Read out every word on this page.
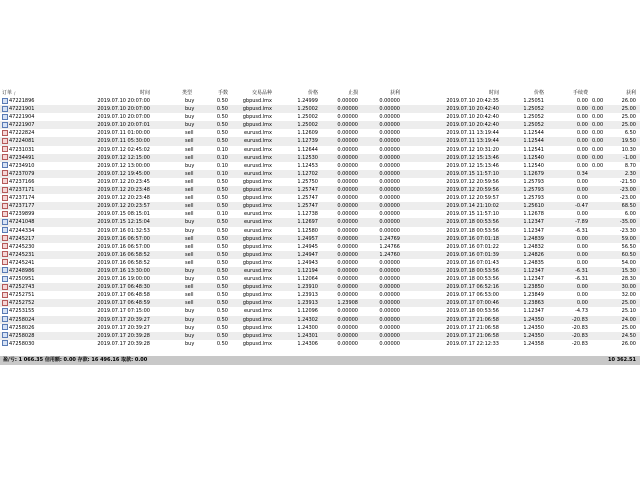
订单 /	时间	类型	手数	交易品种	价格	止损	获利	时间	价格	手续费	获利
47221896	2019.07.10 20:07:00	buy	0.50	gbpusd.lmx	1.24999	0.00000	0.00000	2019.07.10 20:42:35	1.25051	0.00 0.00	26.00
47221901	2019.07.10 20:07:00	buy	0.50	gbpusd.lmx	1.25002	0.00000	0.00000	2019.07.10 20:42:40	1.25052	0.00 0.00	25.00
47221904	2019.07.10 20:07:00	buy	0.50	gbpusd.lmx	1.25002	0.00000	0.00000	2019.07.10 20:42:40	1.25052	0.00 0.00	25.00
47221907	2019.07.10 20:07:01	buy	0.50	gbpusd.lmx	1.25002	0.00000	0.00000	2019.07.10 20:42:40	1.25052	0.00 0.00	25.00
47222824	2019.07.11 01:00:00	sell	0.50	eurusd.lmx	1.12609	0.00000	0.00000	2019.07.11 13:19:44	1.12544	0.00 0.00	6.50
47224081	2019.07.11 05:30:00	sell	0.50	eurusd.lmx	1.12739	0.00000	0.00000	2019.07.11 13:19:44	1.12544	0.00 0.00	19.50
47231031	2019.07.12 02:45:02	sell	0.10	eurusd.lmx	1.12644	0.00000	0.00000	2019.07.12 10:31:20	1.12541	0.00 0.00	10.30
47234491	2019.07.12 12:15:00	sell	0.10	eurusd.lmx	1.12530	0.00000	0.00000	2019.07.12 15:13:46	1.12540	0.00 0.00	-1.00
47234910	2019.07.12 13:00:00	buy	0.10	eurusd.lmx	1.12453	0.00000	0.00000	2019.07.12 15:13:46	1.12540	0.00 0.00	8.70
47237079	2019.07.12 19:45:00	sell	0.10	eurusd.lmx	1.12702	0.00000	0.00000	2019.07.15 11:57:10	1.12679	0.34	2.30
47237166	2019.07.12 20:23:45	sell	0.50	gbpusd.lmx	1.25750	0.00000	0.00000	2019.07.12 20:59:56	1.25793	0.00	-21.50
47237171	2019.07.12 20:23:48	sell	0.50	gbpusd.lmx	1.25747	0.00000	0.00000	2019.07.12 20:59:56	1.25793	0.00	-23.00
47237174	2019.07.12 20:23:48	sell	0.50	gbpusd.lmx	1.25747	0.00000	0.00000	2019.07.12 20:59:57	1.25793	0.00	-23.00
47237177	2019.07.12 20:23:57	sell	0.50	gbpusd.lmx	1.25747	0.00000	0.00000	2019.07.14 21:10:02	1.25610	-0.47	68.50
47239899	2019.07.15 08:15:01	sell	0.10	eurusd.lmx	1.12738	0.00000	0.00000	2019.07.15 11:57:10	1.12678	0.00	6.00
47241048	2019.07.15 12:15:04	buy	0.50	eurusd.lmx	1.12697	0.00000	0.00000	2019.07.18 00:53:56	1.12347	-7.89	-35.00
47244334	2019.07.16 01:32:53	buy	0.50	eurusd.lmx	1.12580	0.00000	0.00000	2019.07.18 00:53:56	1.12347	-6.31	-23.30
47245217	2019.07.16 06:57:00	sell	0.50	gbpusd.lmx	1.24957	0.00000	1.24769	2019.07.16 07:01:18	1.24839	0.00	59.00
47245230	2019.07.16 06:57:00	sell	0.50	gbpusd.lmx	1.24945	0.00000	1.24766	2019.07.16 07:01:22	1.24832	0.00	56.50
47245231	2019.07.16 06:58:52	sell	0.50	gbpusd.lmx	1.24947	0.00000	1.24760	2019.07.16 07:01:39	1.24826	0.00	60.50
47245241	2019.07.16 06:58:52	sell	0.50	gbpusd.lmx	1.24943	0.00000	0.00000	2019.07.16 07:01:43	1.24835	0.00	54.00
47248986	2019.07.16 13:30:00	buy	0.50	eurusd.lmx	1.12194	0.00000	0.00000	2019.07.18 00:53:56	1.12347	-6.31	15.30
47250951	2019.07.16 19:00:00	buy	0.50	eurusd.lmx	1.12064	0.00000	0.00000	2019.07.18 00:53:56	1.12347	-6.31	28.30
47252743	2019.07.17 06:48:30	sell	0.50	gbpusd.lmx	1.23910	0.00000	0.00000	2019.07.17 06:52:16	1.23850	0.00	30.00
47252751	2019.07.17 06:48:58	sell	0.50	gbpusd.lmx	1.23913	0.00000	0.00000	2019.07.17 06:53:00	1.23849	0.00	32.00
47252752	2019.07.17 06:48:59	sell	0.50	gbpusd.lmx	1.23913	1.23908	0.00000	2019.07.17 07:00:46	1.23863	0.00	25.00
47253155	2019.07.17 07:15:00	buy	0.50	eurusd.lmx	1.12096	0.00000	0.00000	2019.07.18 00:53:56	1.12347	-4.73	25.10
47258024	2019.07.17 20:39:27	buy	0.50	gbpusd.lmx	1.24302	0.00000	0.00000	2019.07.17 21:06:58	1.24350	-20.83	24.00
47258026	2019.07.17 20:39:27	buy	0.50	gbpusd.lmx	1.24300	0.00000	0.00000	2019.07.17 21:06:58	1.24350	-20.83	25.00
47258028	2019.07.17 20:39:28	buy	0.50	gbpusd.lmx	1.24301	0.00000	0.00000	2019.07.17 21:06:58	1.24350	-20.83	24.50
47258030	2019.07.17 20:39:28	buy	0.50	gbpusd.lmx	1.24306	0.00000	0.00000	2019.07.17 22:12:33	1.24358	-20.83	26.00
盈/亏: 1 066.35 信用额: 0.00 存款: 16 496.16 取款: 0.00	10 362.51
